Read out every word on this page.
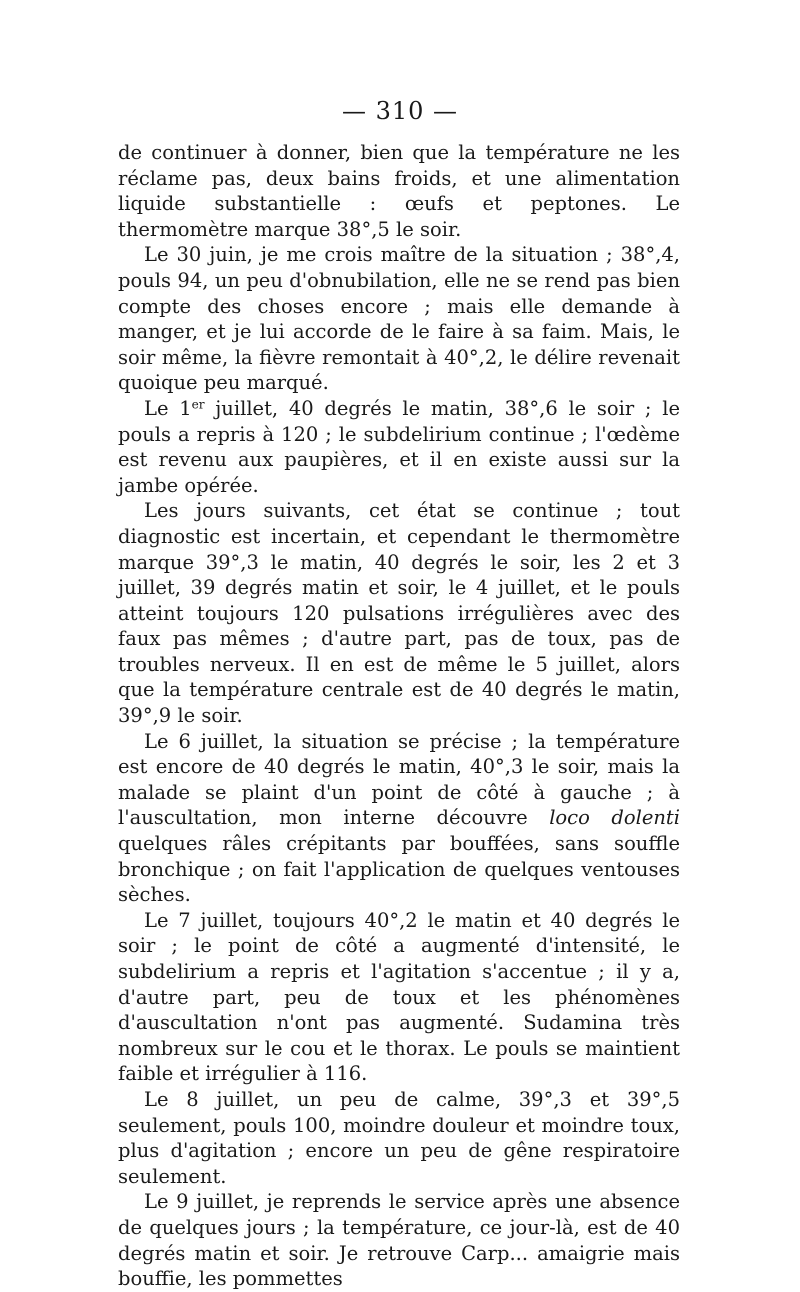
— 310 —

de continuer à donner, bien que la température ne les réclame pas, deux bains froids, et une alimentation liquide substantielle : œufs et peptones. Le thermomètre marque 38°,5 le soir.

Le 30 juin, je me crois maître de la situation ; 38°,4, pouls 94, un peu d'obnubilation, elle ne se rend pas bien compte des choses encore ; mais elle demande à manger, et je lui accorde de le faire à sa faim. Mais, le soir même, la fièvre remontait à 40°,2, le délire revenait quoique peu marqué.

Le 1er juillet, 40 degrés le matin, 38°,6 le soir ; le pouls a repris à 120 ; le subdelirium continue ; l'œdème est revenu aux paupières, et il en existe aussi sur la jambe opérée.

Les jours suivants, cet état se continue ; tout diagnostic est incertain, et cependant le thermomètre marque 39°,3 le matin, 40 degrés le soir, les 2 et 3 juillet, 39 degrés matin et soir, le 4 juillet, et le pouls atteint toujours 120 pulsations irrégulières avec des faux pas mêmes ; d'autre part, pas de toux, pas de troubles nerveux. Il en est de même le 5 juillet, alors que la température centrale est de 40 degrés le matin, 39°,9 le soir.

Le 6 juillet, la situation se précise ; la température est encore de 40 degrés le matin, 40°,3 le soir, mais la malade se plaint d'un point de côté à gauche ; à l'auscultation, mon interne découvre loco dolenti quelques râles crépitants par bouffées, sans souffle bronchique ; on fait l'application de quelques ventouses sèches.

Le 7 juillet, toujours 40°,2 le matin et 40 degrés le soir ; le point de côté a augmenté d'intensité, le subdelirium a repris et l'agitation s'accentue ; il y a, d'autre part, peu de toux et les phénomènes d'auscultation n'ont pas augmenté. Sudamina très nombreux sur le cou et le thorax. Le pouls se maintient faible et irrégulier à 116.

Le 8 juillet, un peu de calme, 39°,3 et 39°,5 seulement, pouls 100, moindre douleur et moindre toux, plus d'agitation ; encore un peu de gêne respiratoire seulement.

Le 9 juillet, je reprends le service après une absence de quelques jours ; la température, ce jour-là, est de 40 degrés matin et soir. Je retrouve Carp... amaigrie mais bouffie, les pommettes
